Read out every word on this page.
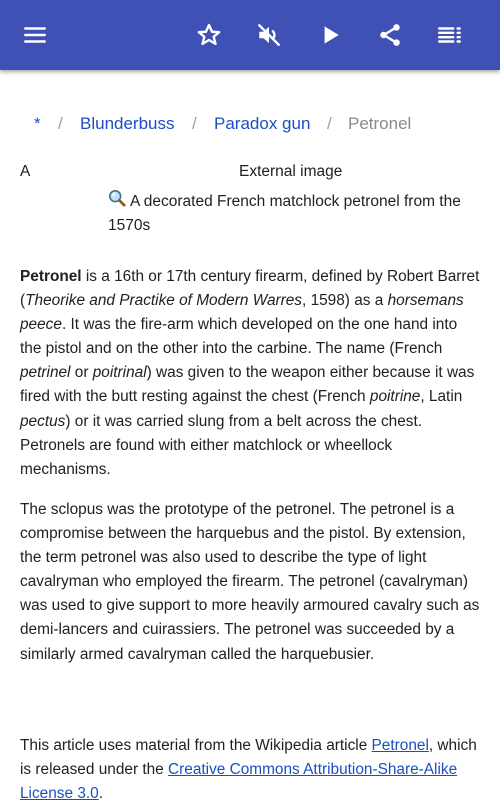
* / Blunderbuss / Paradox gun / Petronel
A	External image
A decorated French matchlock petronel from the 1570s
Petronel is a 16th or 17th century firearm, defined by Robert Barret (Theorike and Practike of Modern Warres, 1598) as a horsemans peece. It was the fire-arm which developed on the one hand into the pistol and on the other into the carbine. The name (French petrinel or poitrinal) was given to the weapon either because it was fired with the butt resting against the chest (French poitrine, Latin pectus) or it was carried slung from a belt across the chest. Petronels are found with either matchlock or wheellock mechanisms.
The sclopus was the prototype of the petronel. The petronel is a compromise between the harquebus and the pistol. By extension, the term petronel was also used to describe the type of light cavalryman who employed the firearm. The petronel (cavalryman) was used to give support to more heavily armoured cavalry such as demi-lancers and cuirassiers. The petronel was succeeded by a similarly armed cavalryman called the harquebusier.
This article uses material from the Wikipedia article Petronel, which is released under the Creative Commons Attribution-Share-Alike License 3.0.
